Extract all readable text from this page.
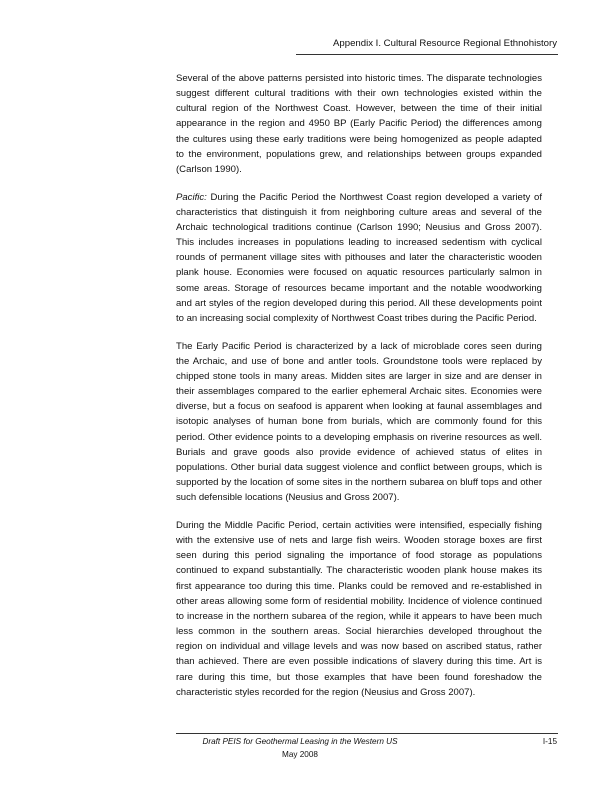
Appendix I. Cultural Resource Regional Ethnohistory

Several of the above patterns persisted into historic times. The disparate technologies suggest different cultural traditions with their own technologies existed within the cultural region of the Northwest Coast. However, between the time of their initial appearance in the region and 4950 BP (Early Pacific Period) the differences among the cultures using these early traditions were being homogenized as people adapted to the environment, populations grew, and relationships between groups expanded (Carlson 1990).

Pacific: During the Pacific Period the Northwest Coast region developed a variety of characteristics that distinguish it from neighboring culture areas and several of the Archaic technological traditions continue (Carlson 1990; Neusius and Gross 2007). This includes increases in populations leading to increased sedentism with cyclical rounds of permanent village sites with pithouses and later the characteristic wooden plank house. Economies were focused on aquatic resources particularly salmon in some areas. Storage of resources became important and the notable woodworking and art styles of the region developed during this period. All these developments point to an increasing social complexity of Northwest Coast tribes during the Pacific Period.

The Early Pacific Period is characterized by a lack of microblade cores seen during the Archaic, and use of bone and antler tools. Groundstone tools were replaced by chipped stone tools in many areas. Midden sites are larger in size and are denser in their assemblages compared to the earlier ephemeral Archaic sites. Economies were diverse, but a focus on seafood is apparent when looking at faunal assemblages and isotopic analyses of human bone from burials, which are commonly found for this period. Other evidence points to a developing emphasis on riverine resources as well. Burials and grave goods also provide evidence of achieved status of elites in populations. Other burial data suggest violence and conflict between groups, which is supported by the location of some sites in the northern subarea on bluff tops and other such defensible locations (Neusius and Gross 2007).

During the Middle Pacific Period, certain activities were intensified, especially fishing with the extensive use of nets and large fish weirs. Wooden storage boxes are first seen during this period signaling the importance of food storage as populations continued to expand substantially. The characteristic wooden plank house makes its first appearance too during this time. Planks could be removed and re-established in other areas allowing some form of residential mobility. Incidence of violence continued to increase in the northern subarea of the region, while it appears to have been much less common in the southern areas. Social hierarchies developed throughout the region on individual and village levels and was now based on ascribed status, rather than achieved. There are even possible indications of slavery during this time. Art is rare during this time, but those examples that have been found foreshadow the characteristic styles recorded for the region (Neusius and Gross 2007).

Draft PEIS for Geothermal Leasing in the Western US
May 2008
I-15
